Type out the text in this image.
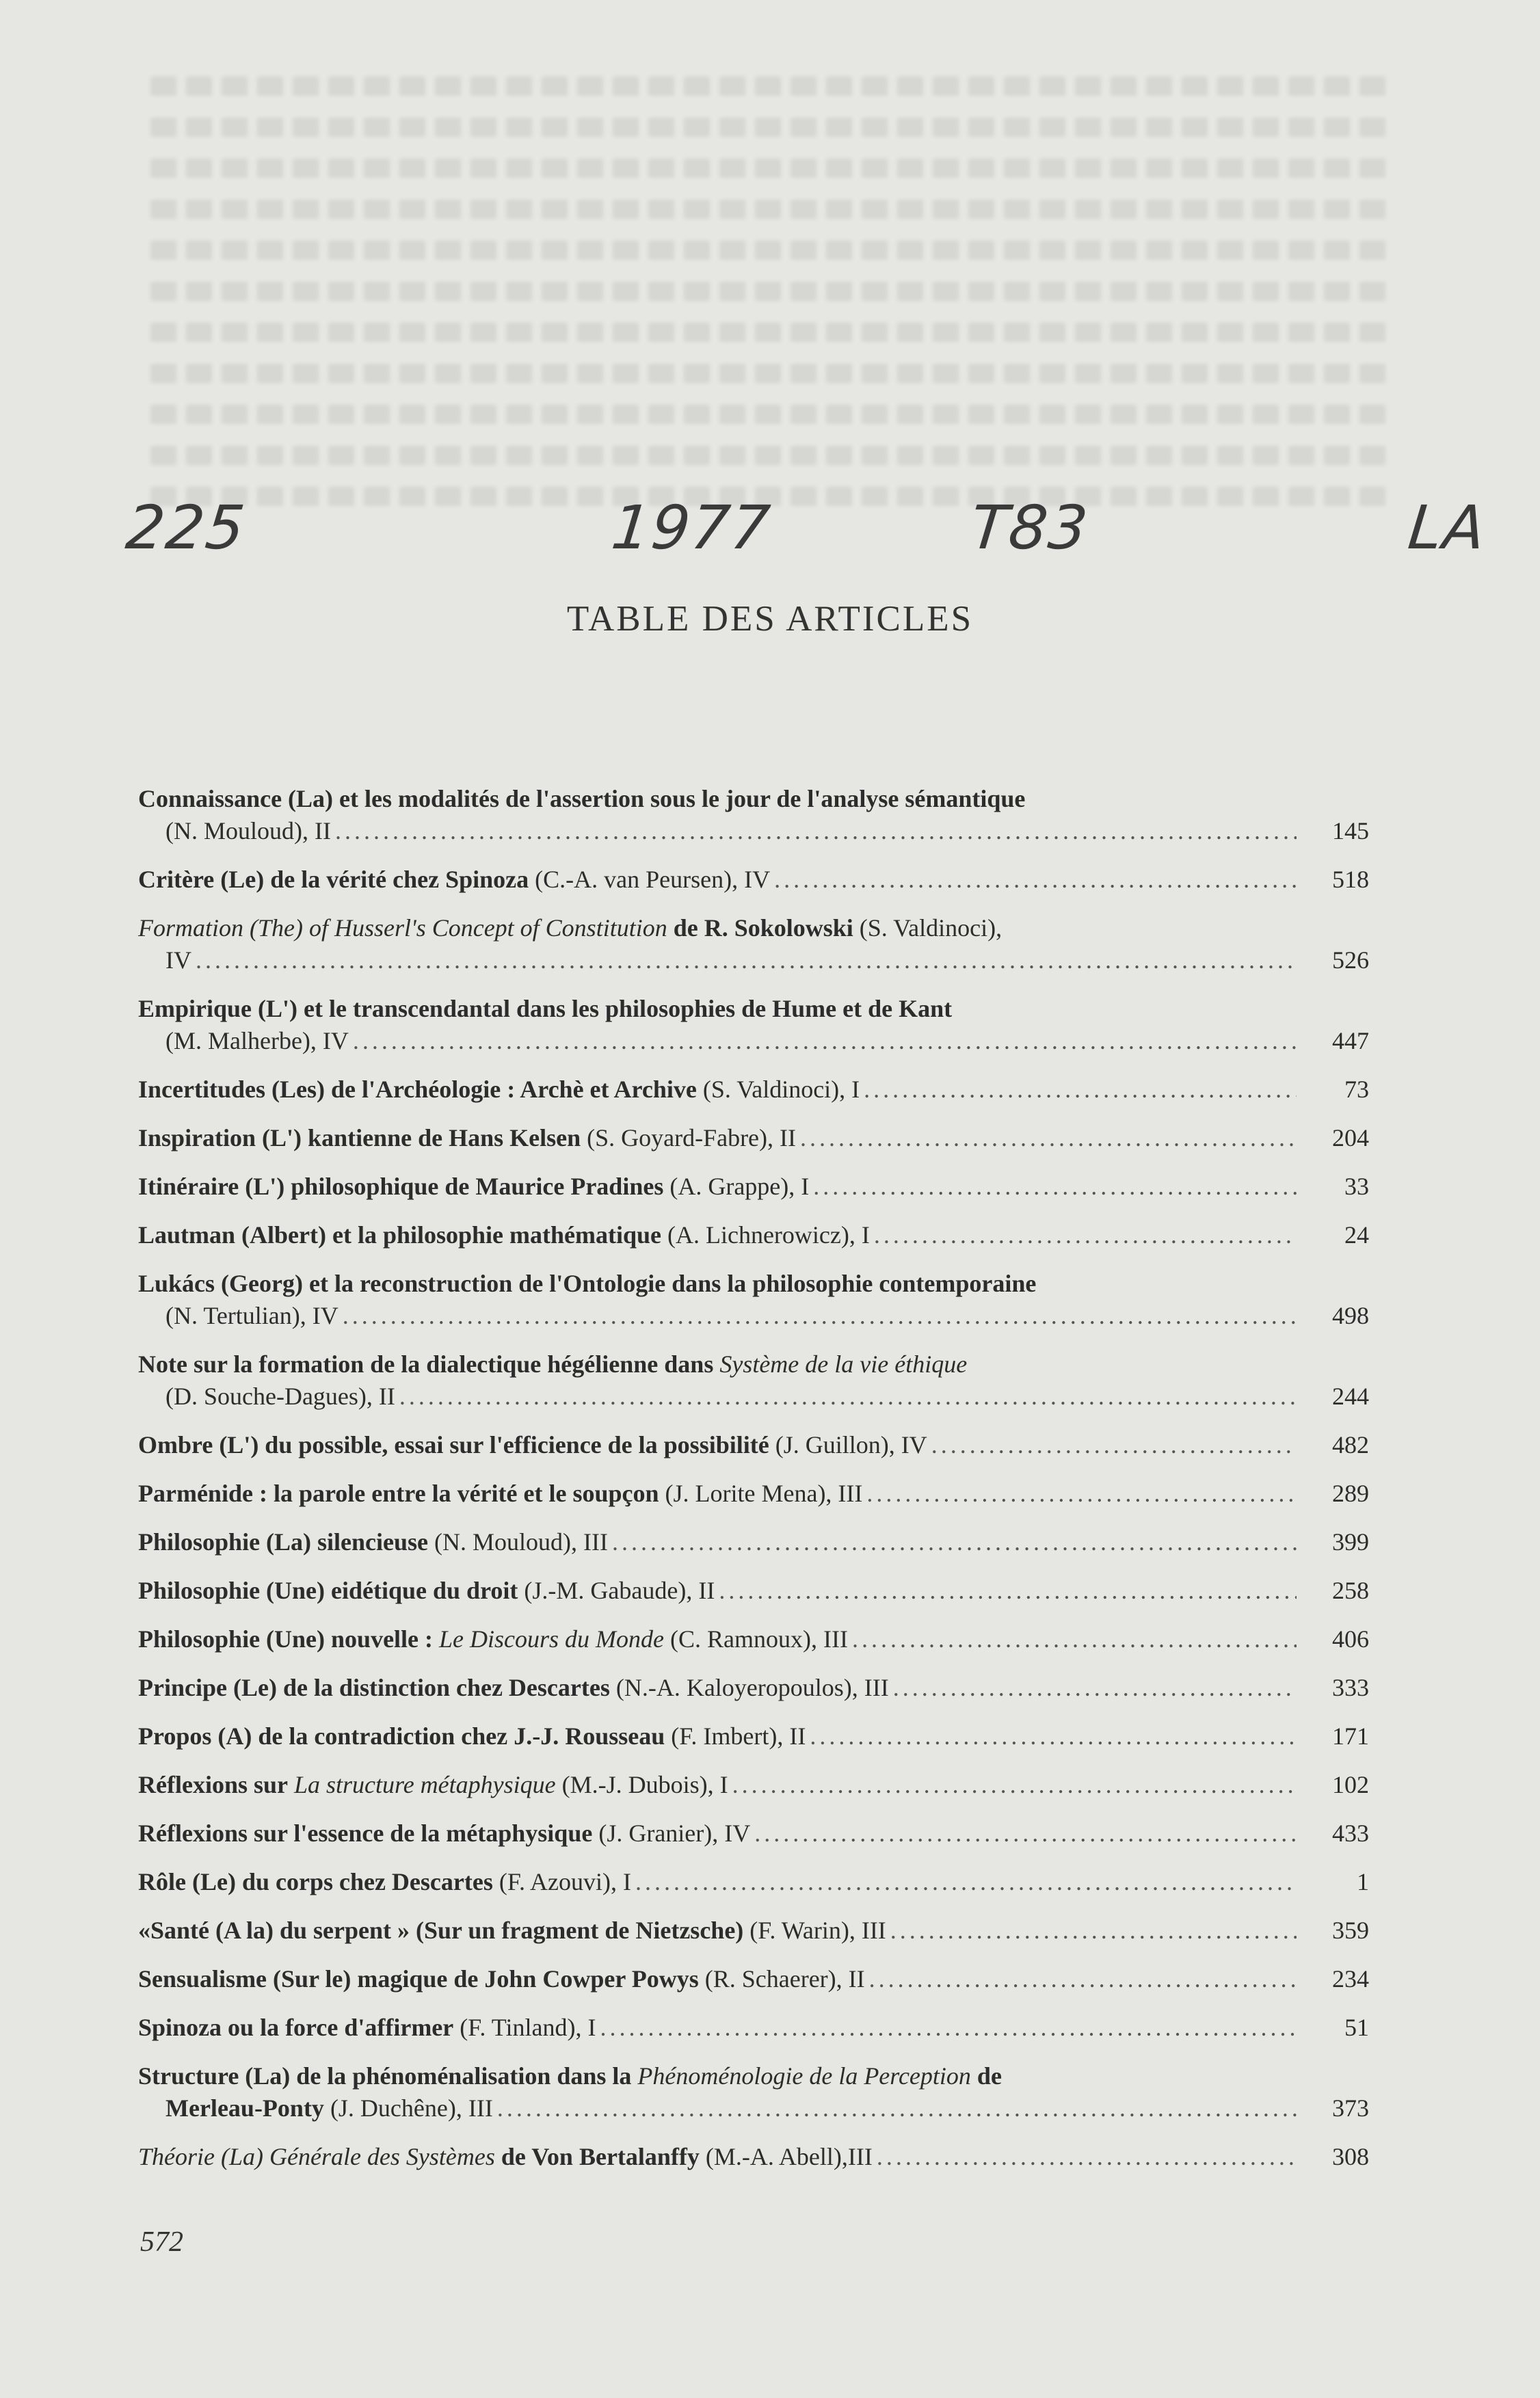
225	1977	T83	LA
TABLE DES ARTICLES
Connaissance (La) et les modalités de l'assertion sous le jour de l'analyse sémantique
(N. Mouloud), II .....	145
Critère (Le) de la vérité chez Spinoza (C.-A. van Peursen), IV .....	518
Formation (The) of Husserl's Concept of Constitution de R. Sokolowski (S. Valdinoci),
IV .....	526
Empirique (L') et le transcendantal dans les philosophies de Hume et de Kant
(M. Malherbe), IV .....	447
Incertitudes (Les) de l'Archéologie : Archè et Archive (S. Valdinoci), I .....	73
Inspiration (L') kantienne de Hans Kelsen (S. Goyard-Fabre), II .....	204
Itinéraire (L') philosophique de Maurice Pradines (A. Grappe), I .....	33
Lautman (Albert) et la philosophie mathématique (A. Lichnerowicz), I .....	24
Lukács (Georg) et la reconstruction de l'Ontologie dans la philosophie contemporaine
(N. Tertulian), IV .....	498
Note sur la formation de la dialectique hégélienne dans Système de la vie éthique
(D. Souche-Dagues), II .....	244
Ombre (L') du possible, essai sur l'efficience de la possibilité (J. Guillon), IV .....	482
Parménide : la parole entre la vérité et le soupçon (J. Lorite Mena), III .....	289
Philosophie (La) silencieuse (N. Mouloud), III .....	399
Philosophie (Une) eidétique du droit (J.-M. Gabaude), II .....	258
Philosophie (Une) nouvelle : Le Discours du Monde (C. Ramnoux), III .....	406
Principe (Le) de la distinction chez Descartes (N.-A. Kaloyeropoulos), III .....	333
Propos (A) de la contradiction chez J.-J. Rousseau (F. Imbert), II .....	171
Réflexions sur La structure métaphysique (M.-J. Dubois), I .....	102
Réflexions sur l'essence de la métaphysique (J. Granier), IV .....	433
Rôle (Le) du corps chez Descartes (F. Azouvi), I .....	1
«Santé (A la) du serpent » (Sur un fragment de Nietzsche) (F. Warin), III .....	359
Sensualisme (Sur le) magique de John Cowper Powys (R. Schaerer), II .....	234
Spinoza ou la force d'affirmer (F. Tinland), I .....	51
Structure (La) de la phénoménalisation dans la Phénoménologie de la Perception de
Merleau-Ponty (J. Duchêne), III .....	373
Théorie (La) Générale des Systèmes de Von Bertalanffy (M.-A. Abell),III .....	308
572
